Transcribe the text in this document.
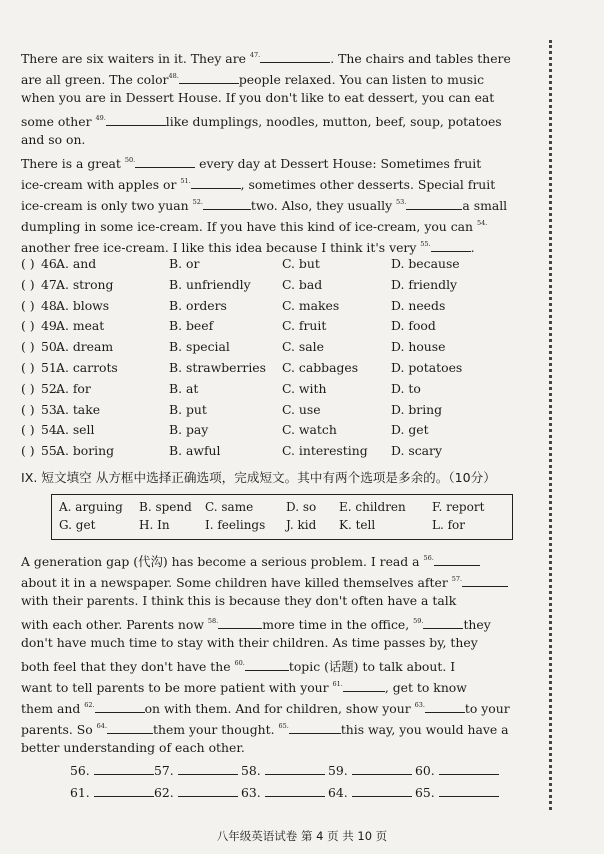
There are six waiters in it. They are $^{47.}$	. The chairs and tables there
are all green. The color$^{48.}$	people relaxed. You can listen to music
when you are in Dessert House. If you don't like to eat dessert, you can eat
some other $^{49.}$	like dumplings, noodles, mutton, beef, soup, potatoes
and so on.
There is a great $^{50.}$	every day at Dessert House: Sometimes fruit
ice-cream with apples or $^{51.}$	, sometimes other desserts. Special fruit
ice-cream is only two yuan $^{52.}$	two. Also, they usually $^{53.}$	a small
dumpling in some ice-cream. If you have this kind of ice-cream, you can $^{54.}$
another free ice-cream. I like this idea because I think it's very $^{55.}$	.
( ) 46.
A. and	B. or	C. but	D. because
( ) 47.
A. strong	B. unfriendly	C. bad	D. friendly
( ) 48.
A. blows	B. orders	C. makes	D. needs
( ) 49.
A. meat	B. beef	C. fruit	D. food
( ) 50.
A. dream	B. special	C. sale	D. house
( ) 51.
A. carrots	B. strawberries C. cabbages	D. potatoes
( ) 52.
A. for	B. at	C. with	D. to
( ) 53.
A. take	B. put	C. use	D. bring
( ) 54.
A. sell	B. pay	C. watch	D. get
( ) 55.
A. boring	B. awful	C. interesting D. scary
IX. 短文填空 从方框中选择正确选项，完成短文。其中有两个选项是多余的。（10分）
A. arguing B. spend C. same	D. so E. children F. report
G. get	H. In	I. feelings J. kid K. tell	L. for
A generation gap (代沟) has become a serious problem. I read a $^{56.}$
about it in a newspaper. Some children have killed themselves after $^{57.}$
with their parents. I think this is because they don't often have a talk
with each other. Parents now $^{58.}$	more time in the office, $^{59.}$	they
don't have much time to stay with their children. As time passes by, they
both feel that they don't have the $^{60.}$	topic (话题) to talk about. I
want to tell parents to be more patient with your $^{61.}$	, get to know
them and $^{62.}$	on with them. And for children, show your $^{63.}$	to your
parents. So $^{64.}$	them your thought. $^{65.}$	this way, you would have a
better understanding of each other.
56.	57.	58.	59.	60.
61.	62.	63.	64.	65.
八年级英语试卷 第 4 页 共 10 页
